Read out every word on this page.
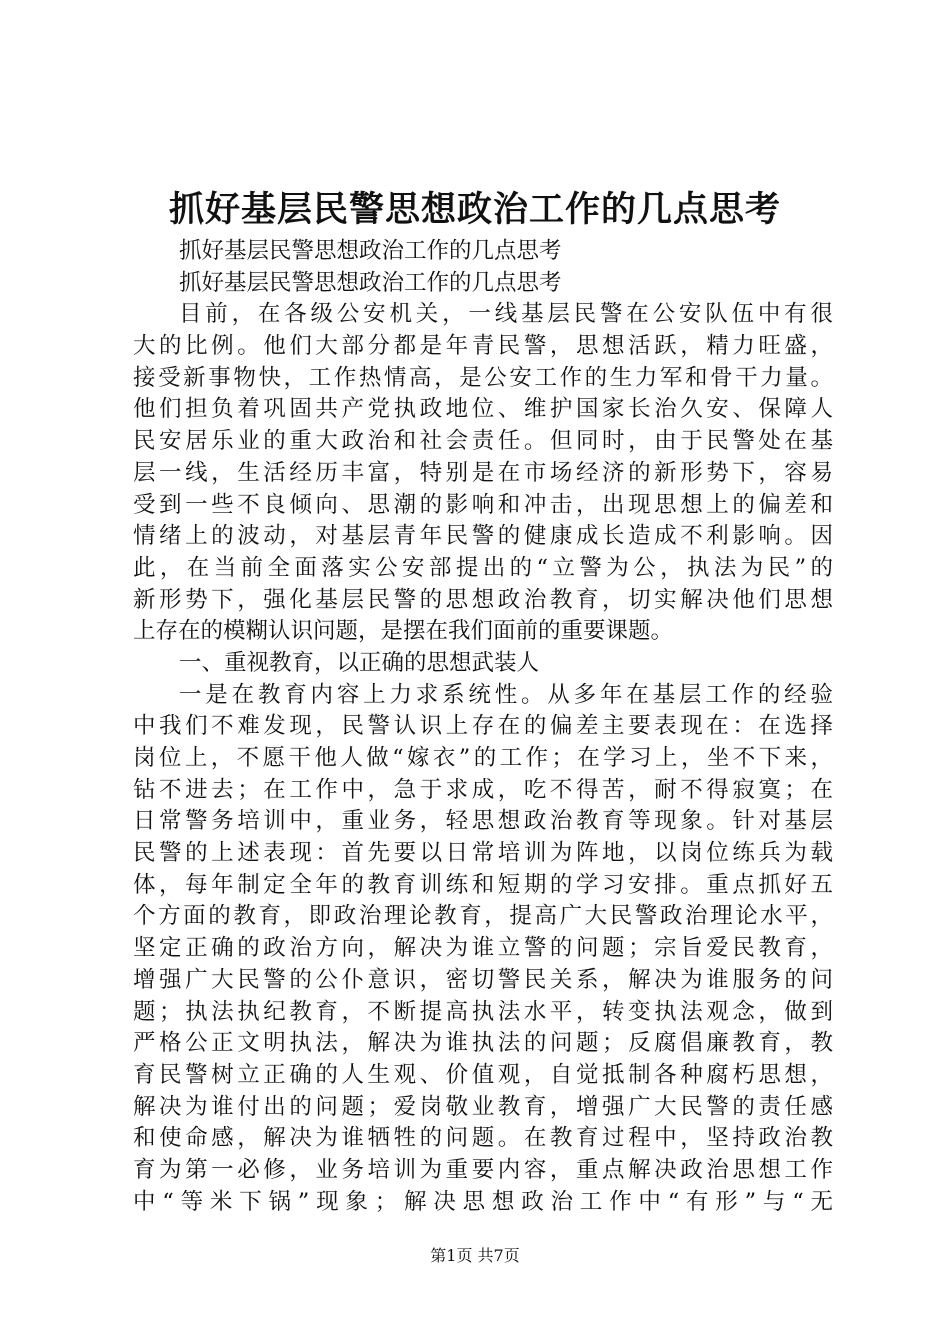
抓好基层民警思想政治工作的几点思考
抓好基层民警思想政治工作的几点思考
抓好基层民警思想政治工作的几点思考
目前，在各级公安机关，一线基层民警在公安队伍中有很
大的比例。他们大部分都是年青民警，思想活跃，精力旺盛，
接受新事物快，工作热情高，是公安工作的生力军和骨干力量。
他们担负着巩固共产党执政地位、维护国家长治久安、保障人
民安居乐业的重大政治和社会责任。但同时，由于民警处在基
层一线，生活经历丰富，特别是在市场经济的新形势下，容易
受到一些不良倾向、思潮的影响和冲击，出现思想上的偏差和
情绪上的波动，对基层青年民警的健康成长造成不利影响。因
此，在当前全面落实公安部提出的“立警为公，执法为民”的
新形势下，强化基层民警的思想政治教育，切实解决他们思想
上存在的模糊认识问题，是摆在我们面前的重要课题。
一、重视教育，以正确的思想武装人
一是在教育内容上力求系统性。从多年在基层工作的经验
中我们不难发现，民警认识上存在的偏差主要表现在：在选择
岗位上，不愿干他人做“嫁衣”的工作；在学习上，坐不下来，
钻不进去；在工作中，急于求成，吃不得苦，耐不得寂寞；在
日常警务培训中，重业务，轻思想政治教育等现象。针对基层
民警的上述表现：首先要以日常培训为阵地，以岗位练兵为载
体，每年制定全年的教育训练和短期的学习安排。重点抓好五
个方面的教育，即政治理论教育，提高广大民警政治理论水平，
坚定正确的政治方向，解决为谁立警的问题；宗旨爱民教育，
增强广大民警的公仆意识，密切警民关系，解决为谁服务的问
题；执法执纪教育，不断提高执法水平，转变执法观念，做到
严格公正文明执法，解决为谁执法的问题；反腐倡廉教育，教
育民警树立正确的人生观、价值观，自觉抵制各种腐朽思想，
解决为谁付出的问题；爱岗敬业教育，增强广大民警的责任感
和使命感，解决为谁牺牲的问题。在教育过程中，坚持政治教
育为第一必修，业务培训为重要内容，重点解决政治思想工作
中“等米下锅”现象；解决思想政治工作中“有形”与“无
第1页 共7页
